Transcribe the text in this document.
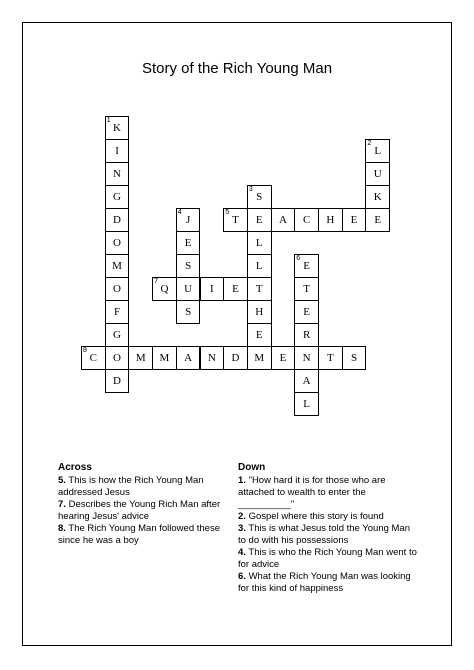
Story of the Rich Young Man
K
1
I
N
G
D
O
M
O
F
G
O
D
L
2
U
K
E
S
3
E
L
L
T
H
E
J
4
E
S
U
S
T
5
A C H E
E
6
T
E
R
N
A
L
Q
7
I E
C
8
M M A N D M E	T S
Across

5. This is how the Rich Young Man addressed Jesus

7. Describes the Young Rich Man after hearing Jesus' advice

8. The Rich Young Man followed these since he was a boy

Down

1. "How hard it is for those who are attached to wealth to enter the __________"

2. Gospel where this story is found

3. This is what Jesus told the Young Man to do with his possessions

4. This is who the Rich Young Man went to for advice

6. What the Rich Young Man was looking for this kind of happiness
